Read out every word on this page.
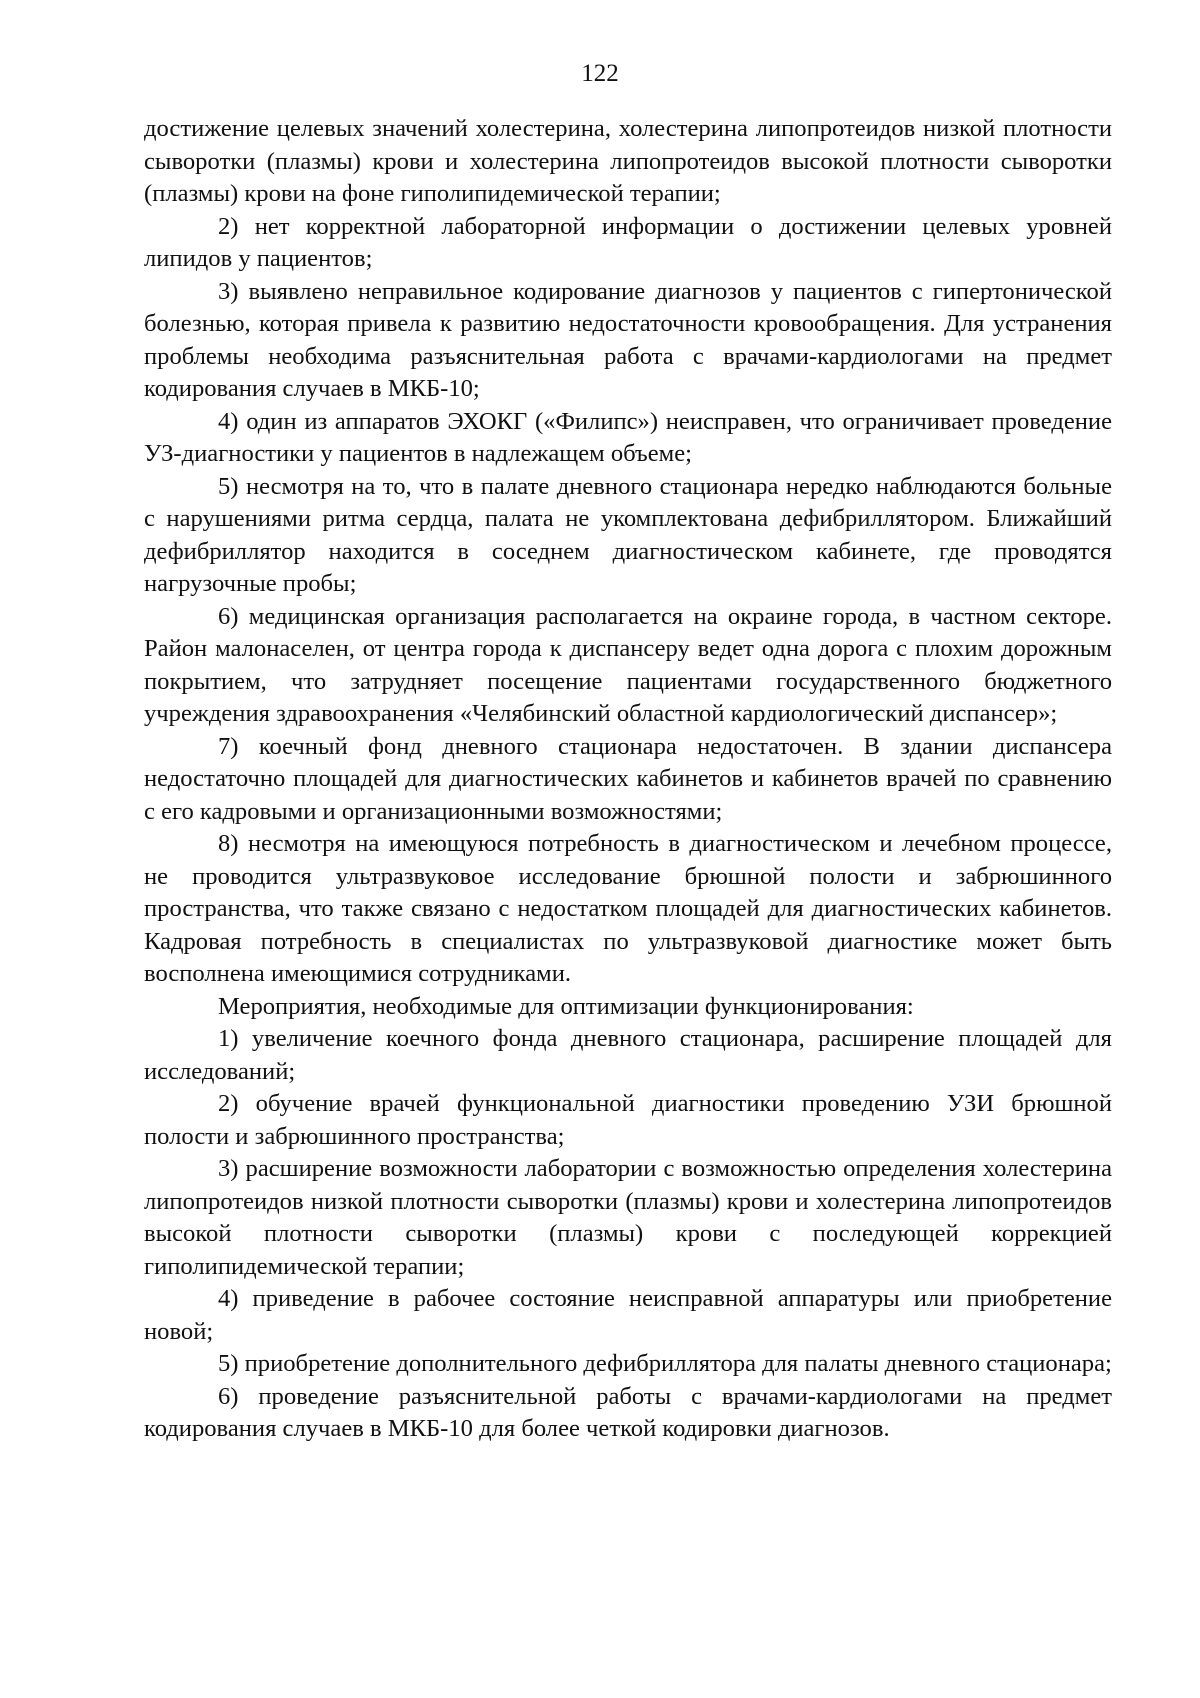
122

достижение целевых значений холестерина, холестерина липопротеидов низкой плотности сыворотки (плазмы) крови и холестерина липопротеидов высокой плотности сыворотки (плазмы) крови на фоне гиполипидемической терапии;

2) нет корректной лабораторной информации о достижении целевых уровней липидов у пациентов;

3) выявлено неправильное кодирование диагнозов у пациентов с гипертонической болезнью, которая привела к развитию недостаточности кровообращения. Для устранения проблемы необходима разъяснительная работа с врачами-кардиологами на предмет кодирования случаев в МКБ-10;

4) один из аппаратов ЭХОКГ («Филипс») неисправен, что ограничивает проведение УЗ-диагностики у пациентов в надлежащем объеме;

5) несмотря на то, что в палате дневного стационара нередко наблюдаются больные с нарушениями ритма сердца, палата не укомплектована дефибриллятором. Ближайший дефибриллятор находится в соседнем диагностическом кабинете, где проводятся нагрузочные пробы;

6) медицинская организация располагается на окраине города, в частном секторе. Район малонаселен, от центра города к диспансеру ведет одна дорога с плохим дорожным покрытием, что затрудняет посещение пациентами государственного бюджетного учреждения здравоохранения «Челябинский областной кардиологический диспансер»;

7) коечный фонд дневного стационара недостаточен. В здании диспансера недостаточно площадей для диагностических кабинетов и кабинетов врачей по сравнению с его кадровыми и организационными возможностями;

8) несмотря на имеющуюся потребность в диагностическом и лечебном процессе, не проводится ультразвуковое исследование брюшной полости и забрюшинного пространства, что также связано с недостатком площадей для диагностических кабинетов. Кадровая потребность в специалистах по ультразвуковой диагностике может быть восполнена имеющимися сотрудниками.

Мероприятия, необходимые для оптимизации функционирования:

1) увеличение коечного фонда дневного стационара, расширение площадей для исследований;

2) обучение врачей функциональной диагностики проведению УЗИ брюшной полости и забрюшинного пространства;

3) расширение возможности лаборатории с возможностью определения холестерина липопротеидов низкой плотности сыворотки (плазмы) крови и холестерина липопротеидов высокой плотности сыворотки (плазмы) крови с последующей коррекцией гиполипидемической терапии;

4) приведение в рабочее состояние неисправной аппаратуры или приобретение новой;

5) приобретение дополнительного дефибриллятора для палаты дневного стационара;

6) проведение разъяснительной работы с врачами-кардиологами на предмет кодирования случаев в МКБ-10 для более четкой кодировки диагнозов.
